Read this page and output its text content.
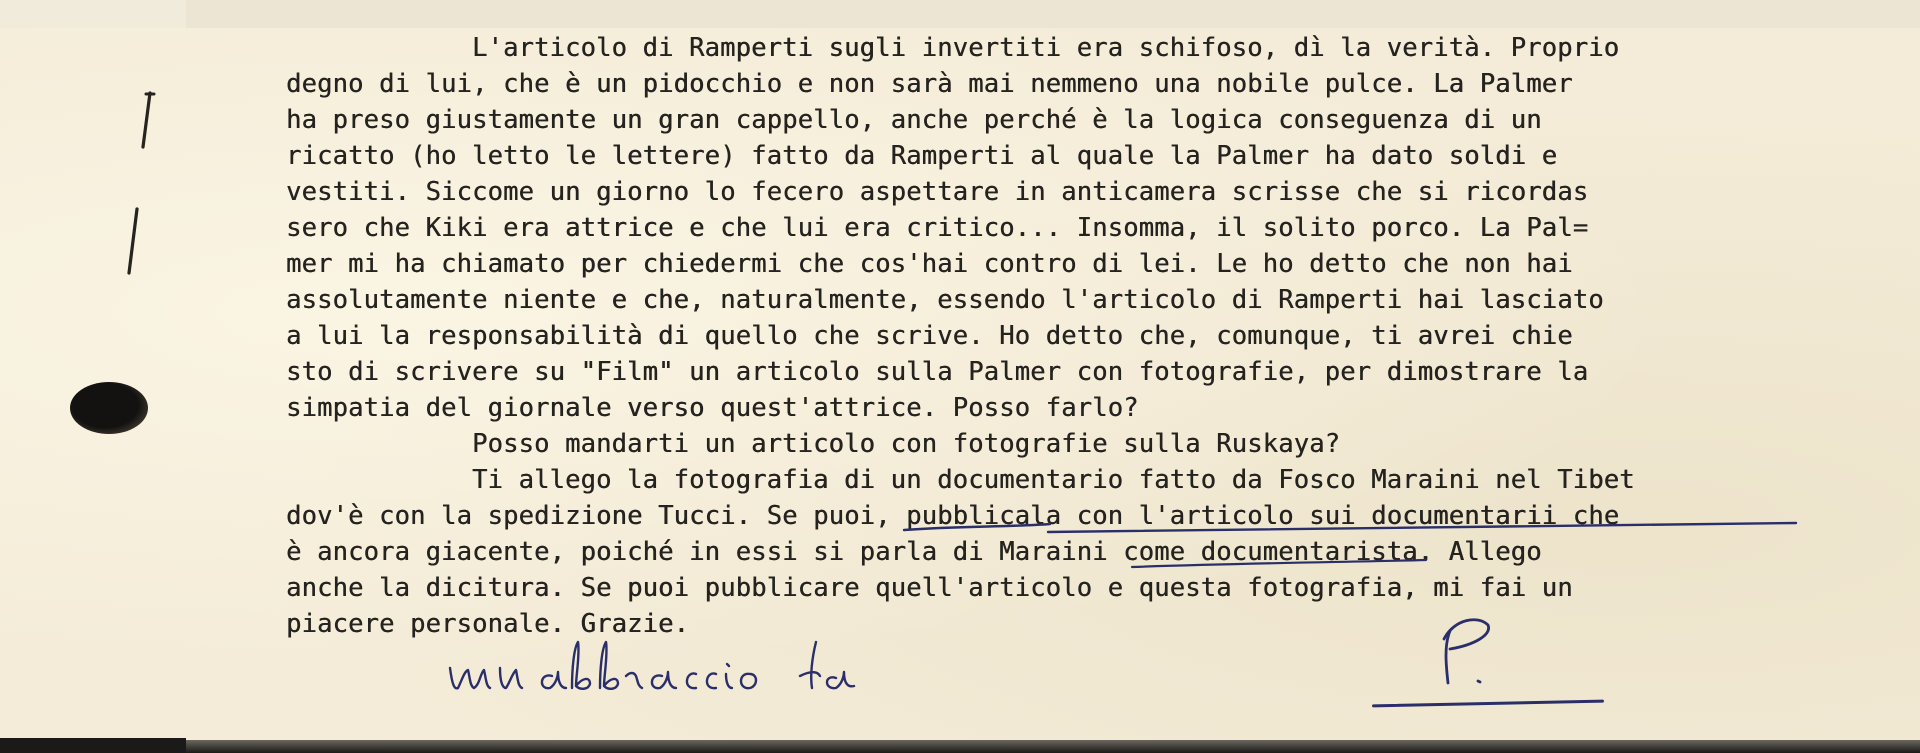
L'articolo di Ramperti sugli invertiti era schifoso, dì la verità. Proprio
degno di lui, che è un pidocchio e non sarà mai nemmeno una nobile pulce. La Palmer
ha preso giustamente un gran cappello, anche perché è la logica conseguenza di un
ricatto (ho letto le lettere) fatto da Ramperti al quale la Palmer ha dato soldi e
vestiti. Siccome un giorno lo fecero aspettare in anticamera scrisse che si ricordas
sero che Kiki era attrice e che lui era critico... Insomma, il solito porco. La Pal=
mer mi ha chiamato per chiedermi che cos'hai contro di lei. Le ho detto che non hai
assolutamente niente e che, naturalmente, essendo l'articolo di Ramperti hai lasciato
a lui la responsabilità di quello che scrive. Ho detto che, comunque, ti avrei chie
sto di scrivere su "Film" un articolo sulla Palmer con fotografie, per dimostrare la
simpatia del giornale verso quest'attrice. Posso farlo?
Posso mandarti un articolo con fotografie sulla Ruskaya?
Ti allego la fotografia di un documentario fatto da Fosco Maraini nel Tibet
dov'è con la spedizione Tucci. Se puoi, pubblicala con l'articolo sui documentarii che
è ancora giacente, poiché in essi si parla di Maraini come documentarista. Allego
anche la dicitura. Se puoi pubblicare quell'articolo e questa fotografia, mi fai un
piacere personale. Grazie.
